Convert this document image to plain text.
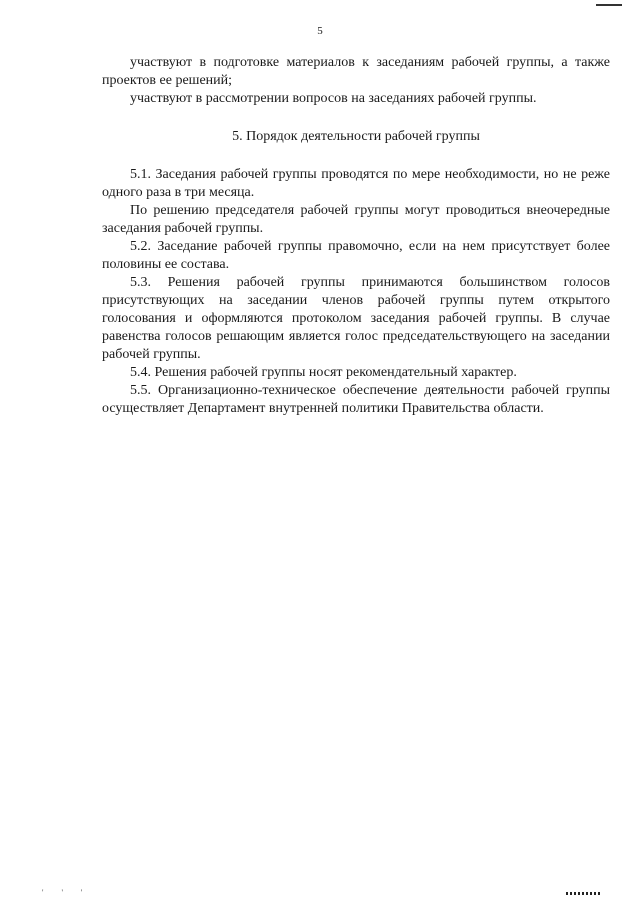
5

участвуют в подготовке материалов к заседаниям рабочей группы, а также проектов ее решений;

участвуют в рассмотрении вопросов на заседаниях рабочей группы.

5. Порядок деятельности рабочей группы

5.1. Заседания рабочей группы проводятся по мере необходимости, но не реже одного раза в три месяца.

По решению председателя рабочей группы могут проводиться внеочередные заседания рабочей группы.

5.2. Заседание рабочей группы правомочно, если на нем присутствует более половины ее состава.

5.3. Решения рабочей группы принимаются большинством голосов присутствующих на заседании членов рабочей группы путем открытого голосования и оформляются протоколом заседания рабочей группы. В случае равенства голосов решающим является голос председательствующего на заседании рабочей группы.

5.4. Решения рабочей группы носят рекомендательный характер.

5.5. Организационно-техническое обеспечение деятельности рабочей группы осуществляет Департамент внутренней политики Правительства области.

' ' '
